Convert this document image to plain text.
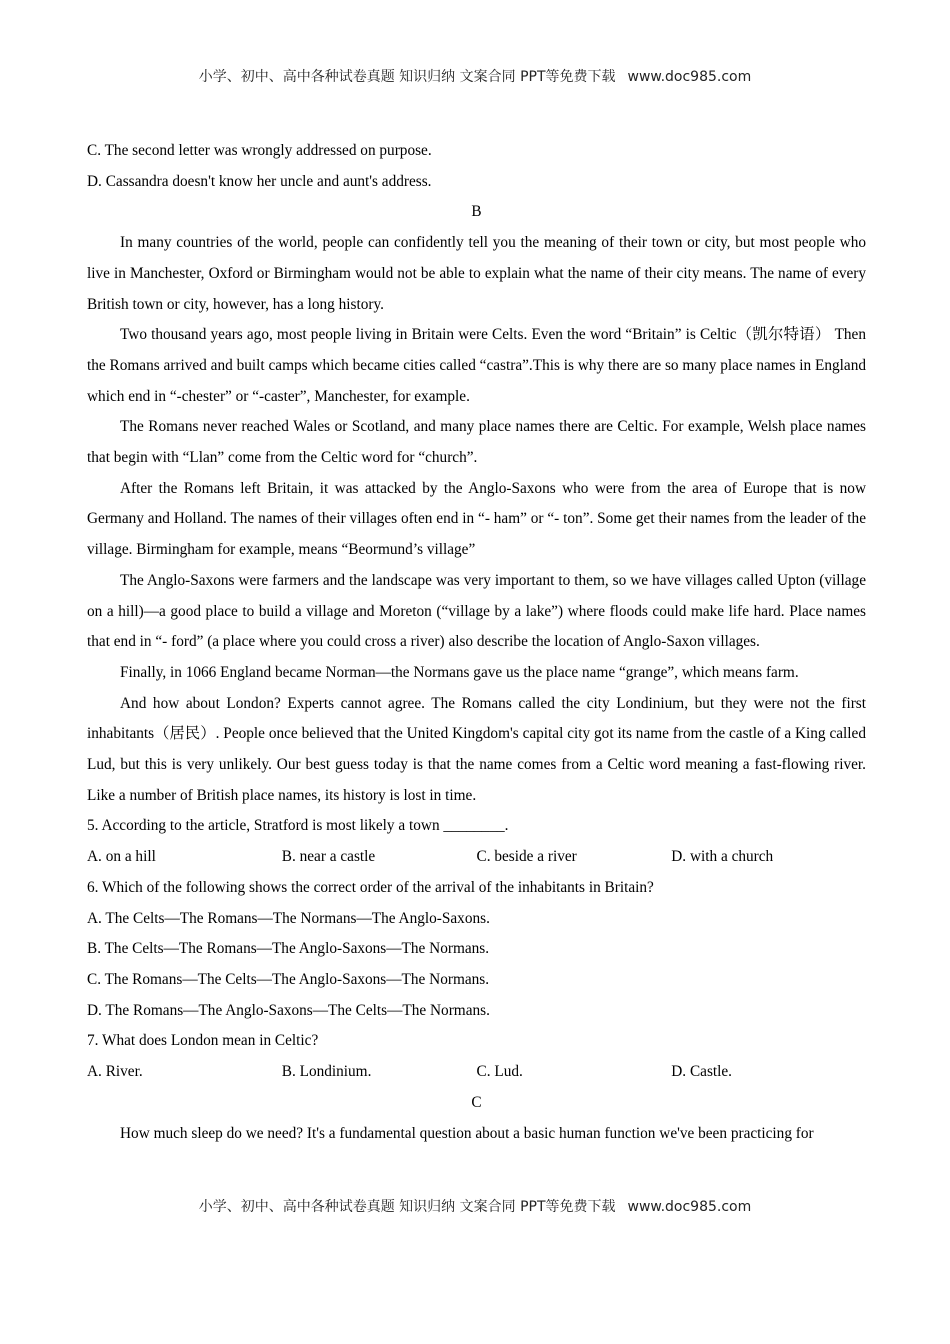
小学、初中、高中各种试卷真题 知识归纳 文案合同 PPT等免费下载 www.doc985.com

C. The second letter was wrongly addressed on purpose.

D. Cassandra doesn't know her uncle and aunt's address.

B

In many countries of the world, people can confidently tell you the meaning of their town or city, but most people who live in Manchester, Oxford or Birmingham would not be able to explain what the name of their city means. The name of every British town or city, however, has a long history.

Two thousand years ago, most people living in Britain were Celts. Even the word “Britain” is Celtic（凯尔特语） Then the Romans arrived and built camps which became cities called “castra”.This is why there are so many place names in England which end in “-chester” or “-caster”, Manchester, for example.

The Romans never reached Wales or Scotland, and many place names there are Celtic. For example, Welsh place names that begin with “Llan” come from the Celtic word for “church”.

After the Romans left Britain, it was attacked by the Anglo-Saxons who were from the area of Europe that is now Germany and Holland. The names of their villages often end in “- ham” or “- ton”. Some get their names from the leader of the village. Birmingham for example, means “Beormund’s village”

The Anglo-Saxons were farmers and the landscape was very important to them, so we have villages called Upton (village on a hill)—a good place to build a village and Moreton (“village by a lake”) where floods could make life hard. Place names that end in “- ford” (a place where you could cross a river) also describe the location of Anglo-Saxon villages.

Finally, in 1066 England became Norman—the Normans gave us the place name “grange”, which means farm.

And how about London? Experts cannot agree. The Romans called the city Londinium, but they were not the first inhabitants（居民）. People once believed that the United Kingdom's capital city got its name from the castle of a King called Lud, but this is very unlikely. Our best guess today is that the name comes from a Celtic word meaning a fast-flowing river. Like a number of British place names, its history is lost in time.

5. According to the article, Stratford is most likely a town ________.

A. on a hill	B. near a castle	C. beside a river	D. with a church

6. Which of the following shows the correct order of the arrival of the inhabitants in Britain?

A. The Celts—The Romans—The Normans—The Anglo-Saxons.

B. The Celts—The Romans—The Anglo-Saxons—The Normans.

C. The Romans—The Celts—The Anglo-Saxons—The Normans.

D. The Romans—The Anglo-Saxons—The Celts—The Normans.

7. What does London mean in Celtic?

A. River.	B. Londinium.	C. Lud.	D. Castle.

C

How much sleep do we need? It's a fundamental question about a basic human function we've been practicing for

小学、初中、高中各种试卷真题 知识归纳 文案合同 PPT等免费下载 www.doc985.com
